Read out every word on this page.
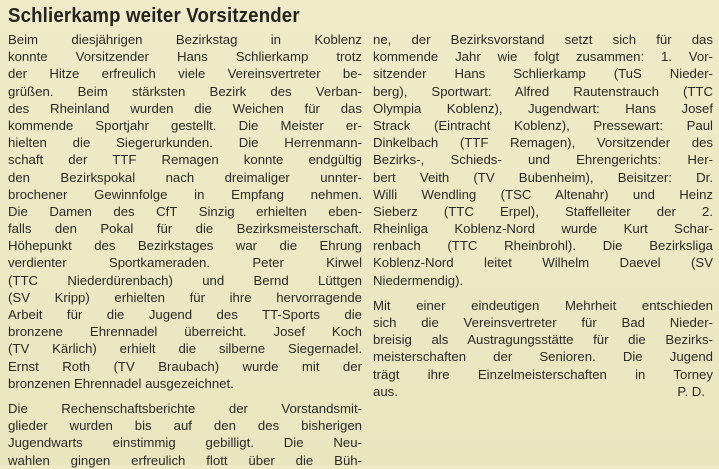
Schlierkamp weiter Vorsitzender
Beim diesjährigen Bezirkstag in Koblenz
konnte Vorsitzender Hans Schlierkamp trotz
der Hitze erfreulich viele Vereinsvertreter be-
grüßen. Beim stärksten Bezirk des Verban-
des Rheinland wurden die Weichen für das
kommende Sportjahr gestellt. Die Meister er-
hielten die Siegerurkunden. Die Herrenmann-
schaft der TTF Remagen konnte endgültig
den Bezirkspokal nach dreimaliger unnter-
brochener Gewinnfolge in Empfang nehmen.
Die Damen des CfT Sinzig erhielten eben-
falls den Pokal für die Bezirksmeisterschaft.
Höhepunkt des Bezirkstages war die Ehrung
verdienter Sportkameraden. Peter Kirwel
(TTC Niederdürenbach) und Bernd Lüttgen
(SV Kripp) erhielten für ihre hervorragende
Arbeit für die Jugend des TT-Sports die
bronzene Ehrennadel überreicht. Josef Koch
(TV Kärlich) erhielt die silberne Siegernadel.
Ernst Roth (TV Braubach) wurde mit der
bronzenen Ehrennadel ausgezeichnet.
Die Rechenschaftsberichte der Vorstandsmit-
glieder wurden bis auf den des bisherigen
Jugendwarts einstimmig gebilligt. Die Neu-
wahlen gingen erfreulich flott über die Büh-
ne, der Bezirksvorstand setzt sich für das
kommende Jahr wie folgt zusammen: 1. Vor-
sitzender Hans Schlierkamp (TuS Nieder-
berg), Sportwart: Alfred Rautenstrauch (TTC
Olympia Koblenz), Jugendwart: Hans Josef
Strack (Eintracht Koblenz), Pressewart: Paul
Dinkelbach (TTF Remagen), Vorsitzender des
Bezirks-, Schieds- und Ehrengerichts: Her-
bert Veith (TV Bubenheim), Beisitzer: Dr.
Willi Wendling (TSC Altenahr) und Heinz
Sieberz (TTC Erpel), Staffelleiter der 2.
Rheinliga Koblenz-Nord wurde Kurt Schar-
renbach (TTC Rheinbrohl). Die Bezirksliga
Koblenz-Nord leitet Wilhelm Daevel (SV
Niedermendig).
Mit einer eindeutigen Mehrheit entschieden
sich die Vereinsvertreter für Bad Nieder-
breisig als Austragungsstätte für die Bezirks-
meisterschaften der Senioren. Die Jugend
trägt ihre Einzelmeisterschaften in Torney
aus.	P. D.
